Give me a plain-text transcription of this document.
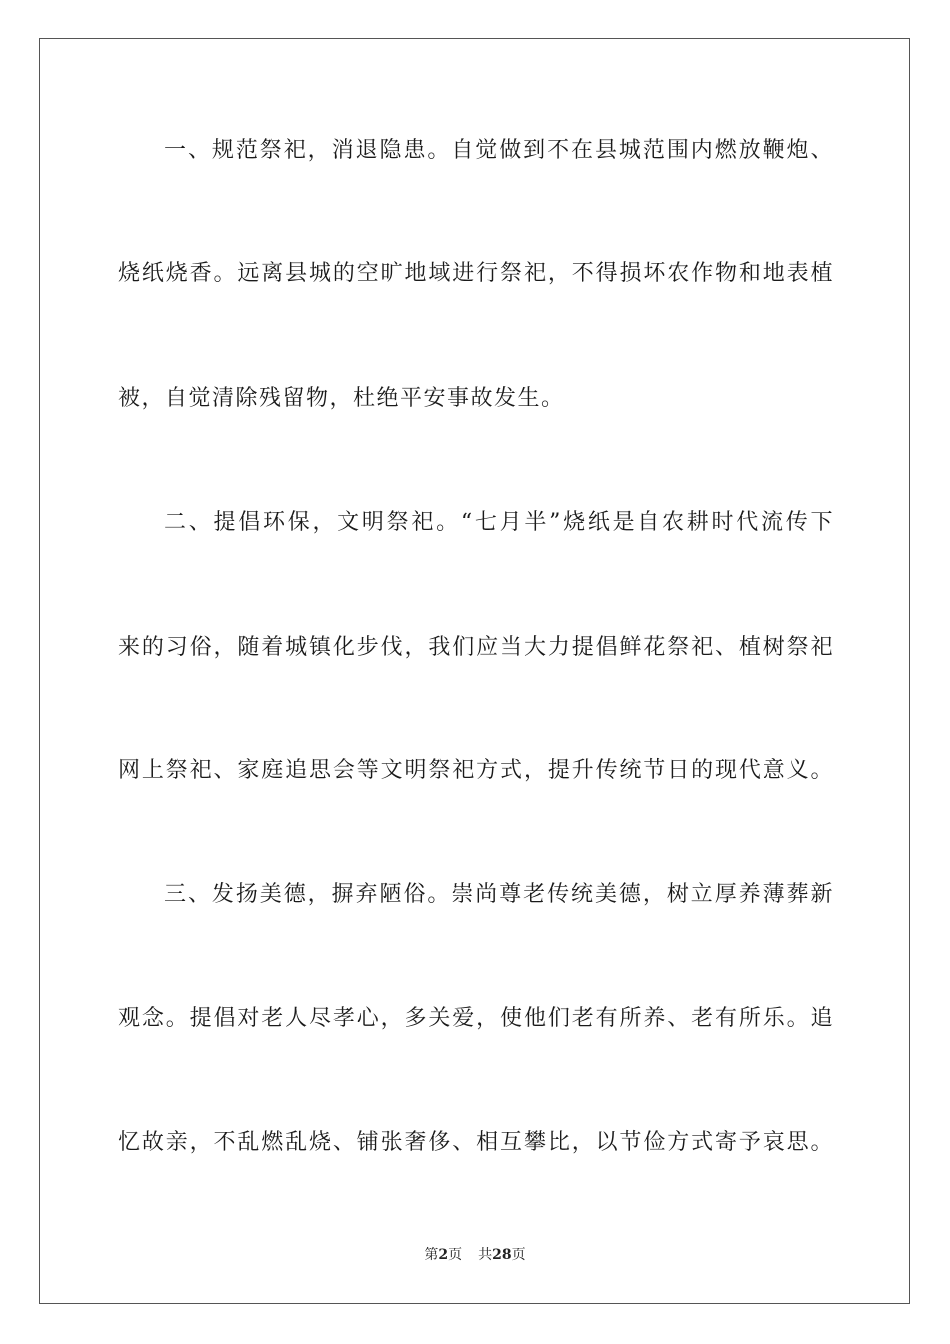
一、规范祭祀，消退隐患。自觉做到不在县城范围内燃放鞭炮、
烧纸烧香。远离县城的空旷地域进行祭祀，不得损坏农作物和地表植
被，自觉清除残留物，杜绝平安事故发生。
二、提倡环保，文明祭祀。“七月半”烧纸是自农耕时代流传下
来的习俗，随着城镇化步伐，我们应当大力提倡鲜花祭祀、植树祭祀
网上祭祀、家庭追思会等文明祭祀方式，提升传统节日的现代意义。
三、发扬美德，摒弃陋俗。崇尚尊老传统美德，树立厚养薄葬新
观念。提倡对老人尽孝心，多关爱，使他们老有所养、老有所乐。追
忆故亲，不乱燃乱烧、铺张奢侈、相互攀比，以节俭方式寄予哀思。
第2页 共28页
